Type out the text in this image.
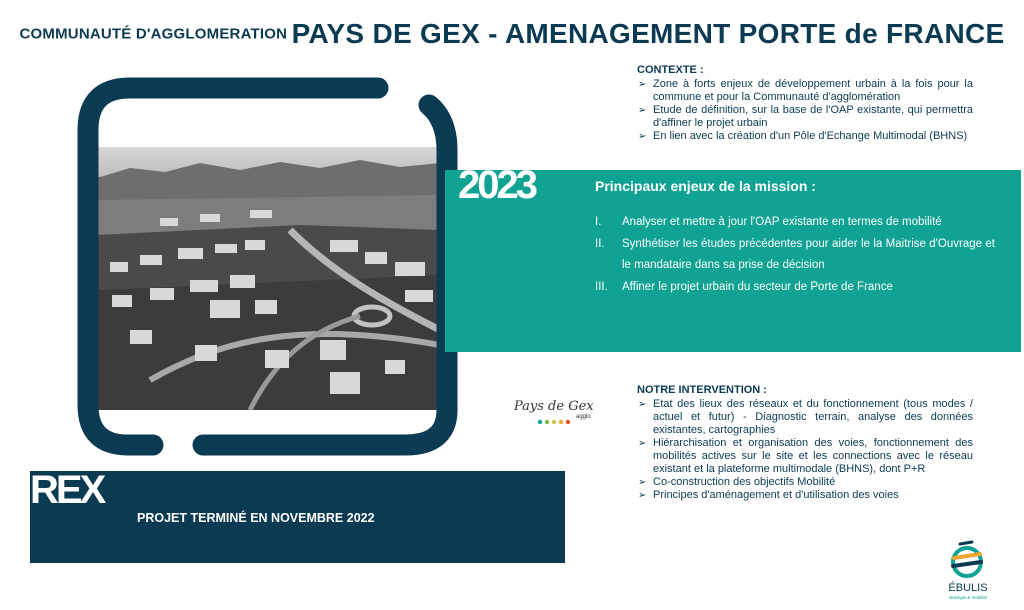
COMMUNAUTÉ D'AGGLOMERATION PAYS DE GEX - AMENAGEMENT PORTE de FRANCE
CONTEXTE :
➢ Zone à forts enjeux de développement urbain à la fois pour la commune et pour la Communauté d'agglomération
➢ Etude de définition, sur la base de l'OAP existante, qui permettra d'affiner le projet urbain
➢ En lien avec la création d'un Pôle d'Echange Multimodal (BHNS)
2023	Principaux enjeux de la mission :
I. Analyser et mettre à jour l'OAP existante en termes de mobilité
II. Synthétiser les études précédentes pour aider le la Maitrise d'Ouvrage et le mandataire dans sa prise de décision
III. Affiner le projet urbain du secteur de Porte de France
Pays de Gex
agglo
NOTRE INTERVENTION :
➢ Etat des lieux des réseaux et du fonctionnement (tous modes / actuel et futur) - Diagnostic terrain, analyse des données existantes, cartographies
➢ Hiérarchisation et organisation des voies, fonctionnement des mobilités actives sur le site et les connections avec le réseau existant et la plateforme multimodale (BHNS), dont P+R
➢ Co-construction des objectifs Mobilité
➢ Principes d'aménagement et d'utilisation des voies
REX
PROJET TERMINÉ EN NOVEMBRE 2022
ÉBULIS
stratégie & mobilité
